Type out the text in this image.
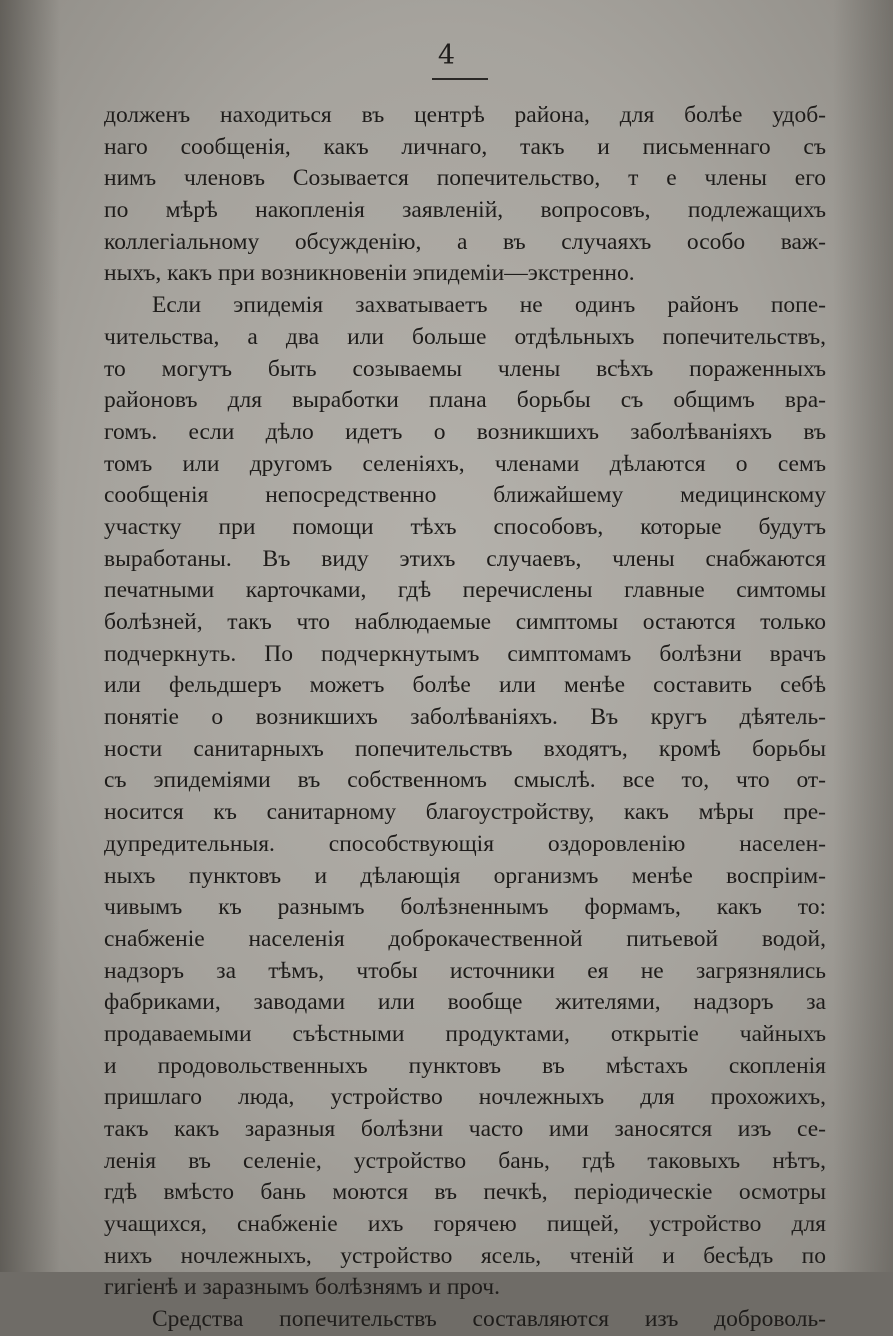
4
долженъ находиться въ центрѣ района, для болѣе удоб-
наго сообщенія, какъ личнаго, такъ и письменнаго съ
нимъ членовъ Созывается попечительство, т е члены его
по мѣрѣ накопленія заявленій, вопросовъ, подлежащихъ
коллегіальному обсужденію, а въ случаяхъ особо важ-
ныхъ, какъ при возникновеніи эпидеміи—экстренно.
Если эпидемія захватываетъ не одинъ районъ попе-
чительства, а два или больше отдѣльныхъ попечительствъ,
то могутъ быть созываемы члены всѣхъ пораженныхъ
районовъ для выработки плана борьбы съ общимъ вра-
гомъ. если дѣло идетъ о возникшихъ заболѣваніяхъ въ
томъ или другомъ селеніяхъ, членами дѣлаются о семъ
сообщенія непосредственно ближайшему медицинскому
участку при помощи тѣхъ способовъ, которые будутъ
выработаны. Въ виду этихъ случаевъ, члены снабжаются
печатными карточками, гдѣ перечислены главные симтомы
болѣзней, такъ что наблюдаемые симптомы остаются только
подчеркнуть. По подчеркнутымъ симптомамъ болѣзни врачъ
или фельдшеръ можетъ болѣе или менѣе составить себѣ
понятіе о возникшихъ заболѣваніяхъ. Въ кругъ дѣятель-
ности санитарныхъ попечительствъ входятъ, кромѣ борьбы
съ эпидеміями въ собственномъ смыслѣ. все то, что от-
носится къ санитарному благоустройству, какъ мѣры пре-
дупредительныя. способствующія оздоровленію населен-
ныхъ пунктовъ и дѣлающія организмъ менѣе воспріим-
чивымъ къ разнымъ болѣзненнымъ формамъ, какъ то:
снабженіе населенія доброкачественной питьевой водой,
надзоръ за тѣмъ, чтобы источники ея не загрязнялись
фабриками, заводами или вообще жителями, надзоръ за
продаваемыми съѣстными продуктами, открытіе чайныхъ
и продовольственныхъ пунктовъ въ мѣстахъ скопленія
пришлаго люда, устройство ночлежныхъ для прохожихъ,
такъ какъ заразныя болѣзни часто ими заносятся изъ се-
ленія въ селеніе, устройство бань, гдѣ таковыхъ нѣтъ,
гдѣ вмѣсто бань моются въ печкѣ, періодическіе осмотры
учащихся, снабженіе ихъ горячею пищей, устройство для
нихъ ночлежныхъ, устройство ясель, чтеній и бесѣдъ по
гигіенѣ и заразнымъ болѣзнямъ и проч.
Средства попечительствъ составляются изъ доброволь-
